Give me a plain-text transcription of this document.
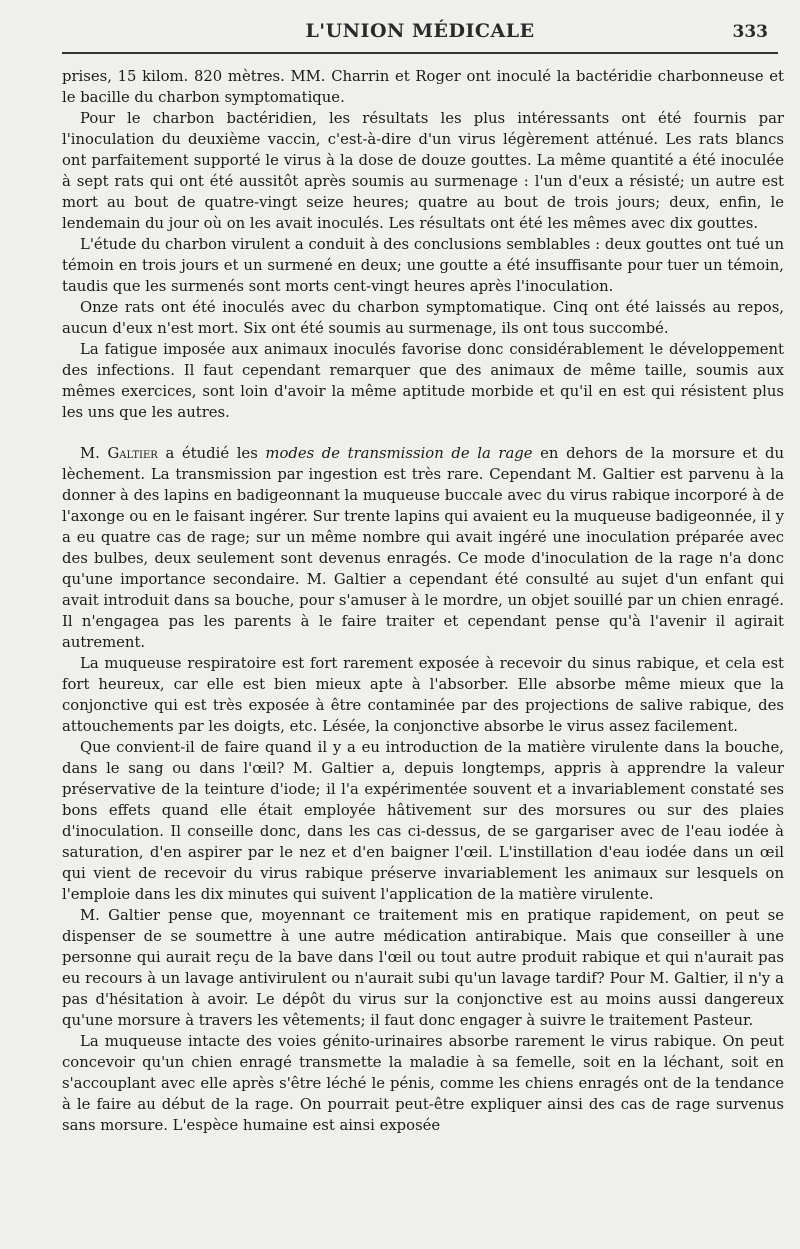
L'UNION MÉDICALE	333

prises, 15 kilom. 820 mètres. MM. Charrin et Roger ont inoculé la bactéridie charbonneuse et le bacille du charbon symptomatique.

Pour le charbon bactéridien, les résultats les plus intéressants ont été fournis par l'inoculation du deuxième vaccin, c'est-à-dire d'un virus légèrement atténué. Les rats blancs ont parfaitement supporté le virus à la dose de douze gouttes. La même quantité a été inoculée à sept rats qui ont été aussitôt après soumis au surmenage : l'un d'eux a résisté; un autre est mort au bout de quatre-vingt seize heures; quatre au bout de trois jours; deux, enfin, le lendemain du jour où on les avait inoculés. Les résultats ont été les mêmes avec dix gouttes.

L'étude du charbon virulent a conduit à des conclusions semblables : deux gouttes ont tué un témoin en trois jours et un surmené en deux; une goutte a été insuffisante pour tuer un témoin, taudis que les surmenés sont morts cent-vingt heures après l'inoculation.

Onze rats ont été inoculés avec du charbon symptomatique. Cinq ont été laissés au repos, aucun d'eux n'est mort. Six ont été soumis au surmenage, ils ont tous succombé.

La fatigue imposée aux animaux inoculés favorise donc considérablement le développement des infections. Il faut cependant remarquer que des animaux de même taille, soumis aux mêmes exercices, sont loin d'avoir la même aptitude morbide et qu'il en est qui résistent plus les uns que les autres.

M. Galtier a étudié les modes de transmission de la rage en dehors de la morsure et du lèchement. La transmission par ingestion est très rare. Cependant M. Galtier est parvenu à la donner à des lapins en badigeonnant la muqueuse buccale avec du virus rabique incorporé à de l'axonge ou en le faisant ingérer. Sur trente lapins qui avaient eu la muqueuse badigeonnée, il y a eu quatre cas de rage; sur un même nombre qui avait ingéré une inoculation préparée avec des bulbes, deux seulement sont devenus enragés. Ce mode d'inoculation de la rage n'a donc qu'une importance secondaire. M. Galtier a cependant été consulté au sujet d'un enfant qui avait introduit dans sa bouche, pour s'amuser à le mordre, un objet souillé par un chien enragé. Il n'engagea pas les parents à le faire traiter et cependant pense qu'à l'avenir il agirait autrement.

La muqueuse respiratoire est fort rarement exposée à recevoir du sinus rabique, et cela est fort heureux, car elle est bien mieux apte à l'absorber. Elle absorbe même mieux que la conjonctive qui est très exposée à être contaminée par des projections de salive rabique, des attouchements par les doigts, etc. Lésée, la conjonctive absorbe le virus assez facilement.

Que convient-il de faire quand il y a eu introduction de la matière virulente dans la bouche, dans le sang ou dans l'œil? M. Galtier a, depuis longtemps, appris à apprendre la valeur préservative de la teinture d'iode; il l'a expérimentée souvent et a invariablement constaté ses bons effets quand elle était employée hâtivement sur des morsures ou sur des plaies d'inoculation. Il conseille donc, dans les cas ci-dessus, de se gargariser avec de l'eau iodée à saturation, d'en aspirer par le nez et d'en baigner l'œil. L'instillation d'eau iodée dans un œil qui vient de recevoir du virus rabique préserve invariablement les animaux sur lesquels on l'emploie dans les dix minutes qui suivent l'application de la matière virulente.

M. Galtier pense que, moyennant ce traitement mis en pratique rapidement, on peut se dispenser de se soumettre à une autre médication antirabique. Mais que conseiller à une personne qui aurait reçu de la bave dans l'œil ou tout autre produit rabique et qui n'aurait pas eu recours à un lavage antivirulent ou n'aurait subi qu'un lavage tardif? Pour M. Galtier, il n'y a pas d'hésitation à avoir. Le dépôt du virus sur la conjonctive est au moins aussi dangereux qu'une morsure à travers les vêtements; il faut donc engager à suivre le traitement Pasteur.

La muqueuse intacte des voies génito-urinaires absorbe rarement le virus rabique. On peut concevoir qu'un chien enragé transmette la maladie à sa femelle, soit en la léchant, soit en s'accouplant avec elle après s'être léché le pénis, comme les chiens enragés ont de la tendance à le faire au début de la rage. On pourrait peut-être expliquer ainsi des cas de rage survenus sans morsure. L'espèce humaine est ainsi exposée
